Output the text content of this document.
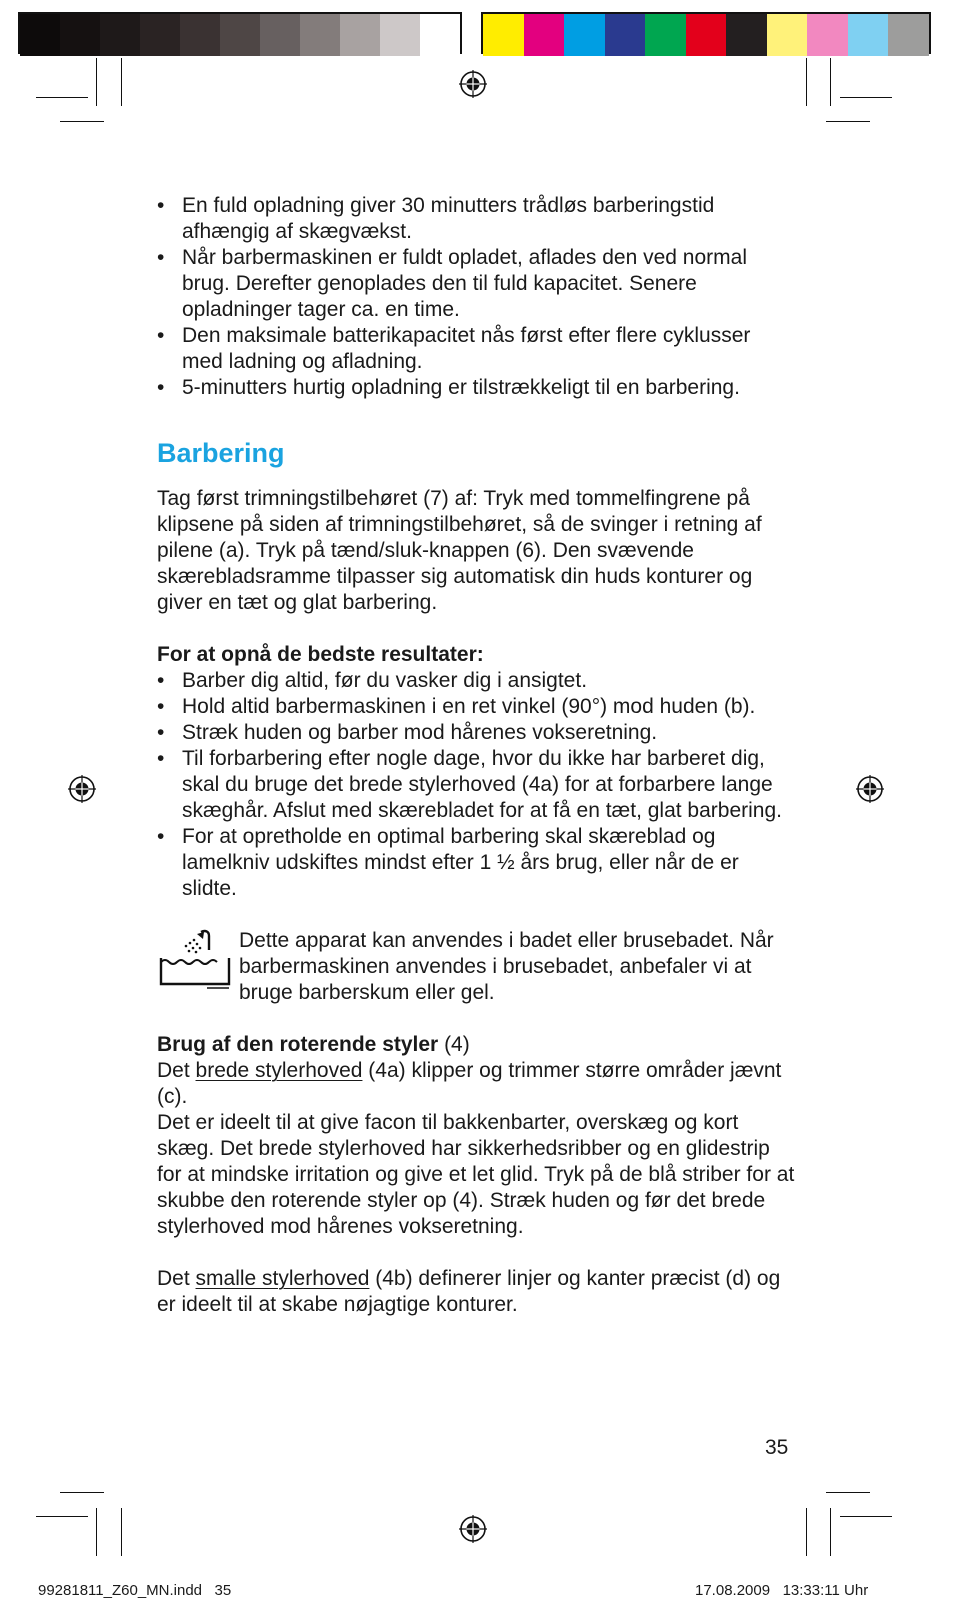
• En fuld opladning giver 30 minutters trådløs barberingstid afhængig af skægvækst.
• Når barbermaskinen er fuldt opladet, aflades den ved normal brug. Derefter genoplades den til fuld kapacitet. Senere opladninger tager ca. en time.
• Den maksimale batterikapacitet nås først efter flere cyklusser med ladning og afladning.
• 5-minutters hurtig opladning er tilstrækkeligt til en barbering.
Barbering

Tag først trimningstilbehøret (7) af: Tryk med tommelfingrene på klipsene på siden af trimningstilbehøret, så de svinger i retning af pilene (a). Tryk på tænd/sluk-knappen (6). Den svævende skærebladsramme tilpasser sig automatisk din huds konturer og giver en tæt og glat barbering.

For at opnå de bedste resultater:

• Barber dig altid, før du vasker dig i ansigtet.
• Hold altid barbermaskinen i en ret vinkel (90°) mod huden (b).
• Stræk huden og barber mod hårenes vokseretning.
• Til forbarbering efter nogle dage, hvor du ikke har barberet dig, skal du bruge det brede stylerhoved (4a) for at forbarbere lange skæghår. Afslut med skærebladet for at få en tæt, glat barbering.
• For at opretholde en optimal barbering skal skæreblad og lamelkniv udskiftes mindst efter 1 ½ års brug, eller når de er slidte.

Dette apparat kan anvendes i badet eller brusebadet. Når barbermaskinen anvendes i brusebadet, anbefaler vi at bruge barberskum eller gel.

Brug af den roterende styler (4)

Det brede stylerhoved (4a) klipper og trimmer større områder jævnt (c).

Det er ideelt til at give facon til bakkenbarter, overskæg og kort skæg. Det brede stylerhoved har sikkerhedsribber og en glidestrip for at mindske irritation og give et let glid. Tryk på de blå striber for at skubbe den roterende styler op (4). Stræk huden og før det brede stylerhoved mod hårenes vokseretning.

Det smalle stylerhoved (4b) definerer linjer og kanter præcist (d) og er ideelt til at skabe nøjagtige konturer.

35
99281811_Z60_MN.indd   35	17.08.2009   13:33:11 Uhr
